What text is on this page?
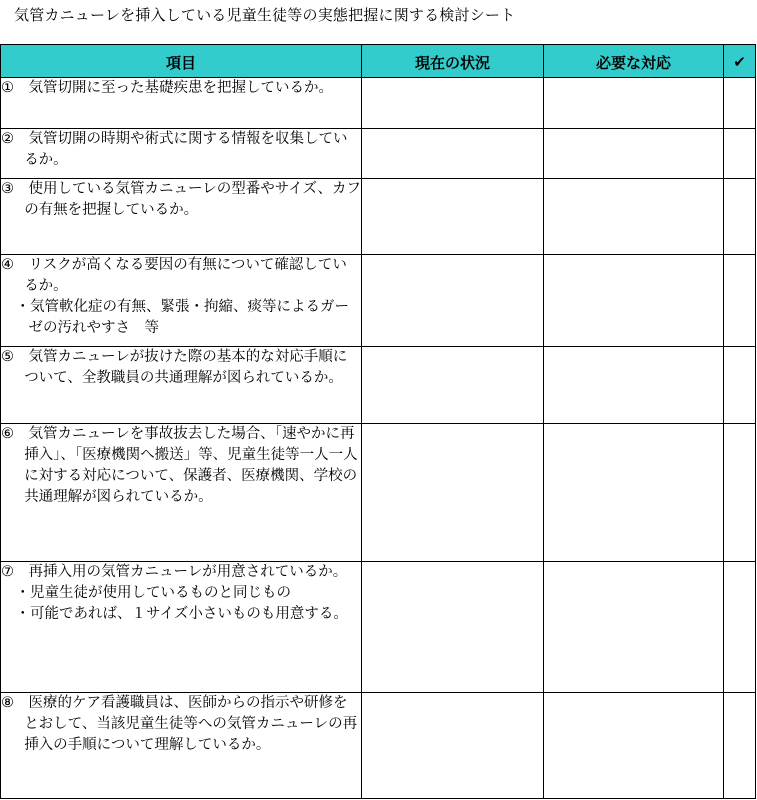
気管カニューレを挿入している児童生徒等の実態把握に関する検討シート
項目	現在の状況	必要な対応	✔

①　気管切開に至った基礎疾患を把握しているか。			

②　気管切開の時期や術式に関する情報を収集しているか。			

③　使用している気管カニューレの型番やサイズ、カフの有無を把握しているか。			

④　リスクが高くなる要因の有無について確認しているか。
・気管軟化症の有無、緊張・拘縮、痰等によるガーゼの汚れやすさ　等			

⑤　気管カニューレが抜けた際の基本的な対応手順について、全教職員の共通理解が図られているか。			

⑥　気管カニューレを事故抜去した場合、「速やかに再挿入」、「医療機関へ搬送」等、児童生徒等一人一人に対する対応について、保護者、医療機関、学校の共通理解が図られているか。			

⑦　再挿入用の気管カニューレが用意されているか。
・児童生徒が使用しているものと同じもの
・可能であれば、１サイズ小さいものも用意する。			

⑧　医療的ケア看護職員は、医師からの指示や研修をとおして、当該児童生徒等への気管カニューレの再挿入の手順について理解しているか。			
